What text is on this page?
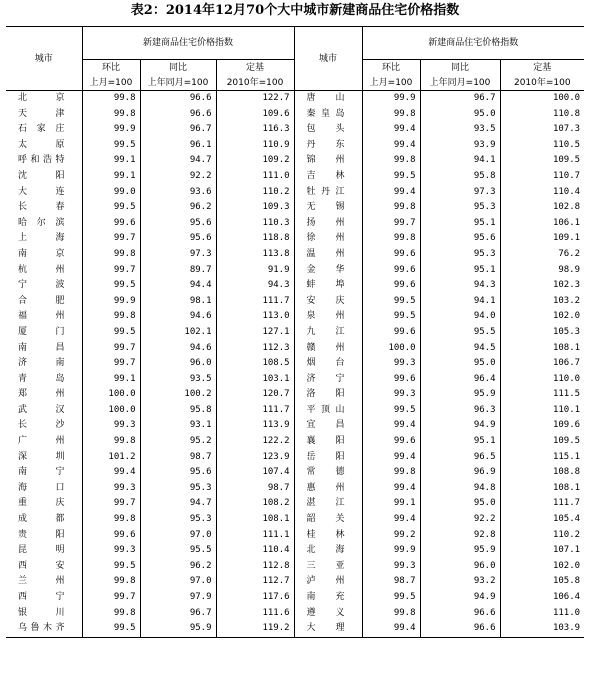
表2：2014年12月70个大中城市新建商品住宅价格指数
城市	新建商品住宅价格指数			城市	新建商品住宅价格指数		
	环比	同比	定基		环比	同比	定基
	上月=100	上年同月=100	2010年=100		上月=100	上年同月=100	2010年=100
北　京	99.8	96.6	122.7	唐　山	99.9	96.7	100.0
天　津	99.8	96.6	109.6	秦皇岛	99.8	95.0	110.8
石家庄	99.9	96.7	116.3	包　头	99.4	93.5	107.3
太　原	99.5	96.1	110.9	丹　东	99.4	93.9	110.5
呼和浩特	99.1	94.7	109.2	锦　州	99.8	94.1	109.5
沈　阳	99.1	92.2	111.0	吉　林	99.5	95.8	110.7
大　连	99.0	93.6	110.2	牡丹江	99.4	97.3	110.4
长　春	99.5	96.2	109.3	无　锡	99.8	95.3	102.8
哈尔滨	99.6	95.6	110.3	扬　州	99.7	95.1	106.1
上　海	99.7	95.6	118.8	徐　州	99.8	95.6	109.1
南　京	99.8	97.3	113.8	温　州	99.6	95.3	76.2
杭　州	99.7	89.7	91.9	金　华	99.6	95.1	98.9
宁　波	99.5	94.4	94.3	蚌　埠	99.6	94.3	102.3
合　肥	99.9	98.1	111.7	安　庆	99.5	94.1	103.2
福　州	99.8	94.6	113.0	泉　州	99.5	94.0	102.0
厦　门	99.5	102.1	127.1	九　江	99.6	95.5	105.3
南　昌	99.7	94.6	112.3	赣　州	100.0	94.5	108.1
济　南	99.7	96.0	108.5	烟　台	99.3	95.0	106.7
青　岛	99.1	93.5	103.1	济　宁	99.6	96.4	110.0
郑　州	100.0	100.2	120.7	洛　阳	99.3	95.9	111.5
武　汉	100.0	95.8	111.7	平顶山	99.5	96.3	110.1
长　沙	99.3	93.1	113.9	宜　昌	99.4	94.9	109.6
广　州	99.8	95.2	122.2	襄　阳	99.6	95.1	109.5
深　圳	101.2	98.7	123.9	岳　阳	99.4	96.5	115.1
南　宁	99.4	95.6	107.4	常　德	99.8	96.9	108.8
海　口	99.3	95.3	98.7	惠　州	99.4	94.8	108.1
重　庆	99.7	94.7	108.2	湛　江	99.1	95.0	111.7
成　都	99.8	95.3	108.1	韶　关	99.4	92.2	105.4
贵　阳	99.6	97.0	111.1	桂　林	99.2	92.8	110.2
昆　明	99.3	95.5	110.4	北　海	99.9	95.9	107.1
西　安	99.5	96.2	112.8	三　亚	99.3	96.0	102.0
兰　州	99.8	97.0	112.7	泸　州	98.7	93.2	105.8
西　宁	99.7	97.9	117.6	南　充	99.5	94.9	106.4
银　川	99.8	96.7	111.6	遵　义	99.8	96.6	111.0
乌鲁木齐	99.5	95.9	119.2	大　理	99.4	96.6	103.9
